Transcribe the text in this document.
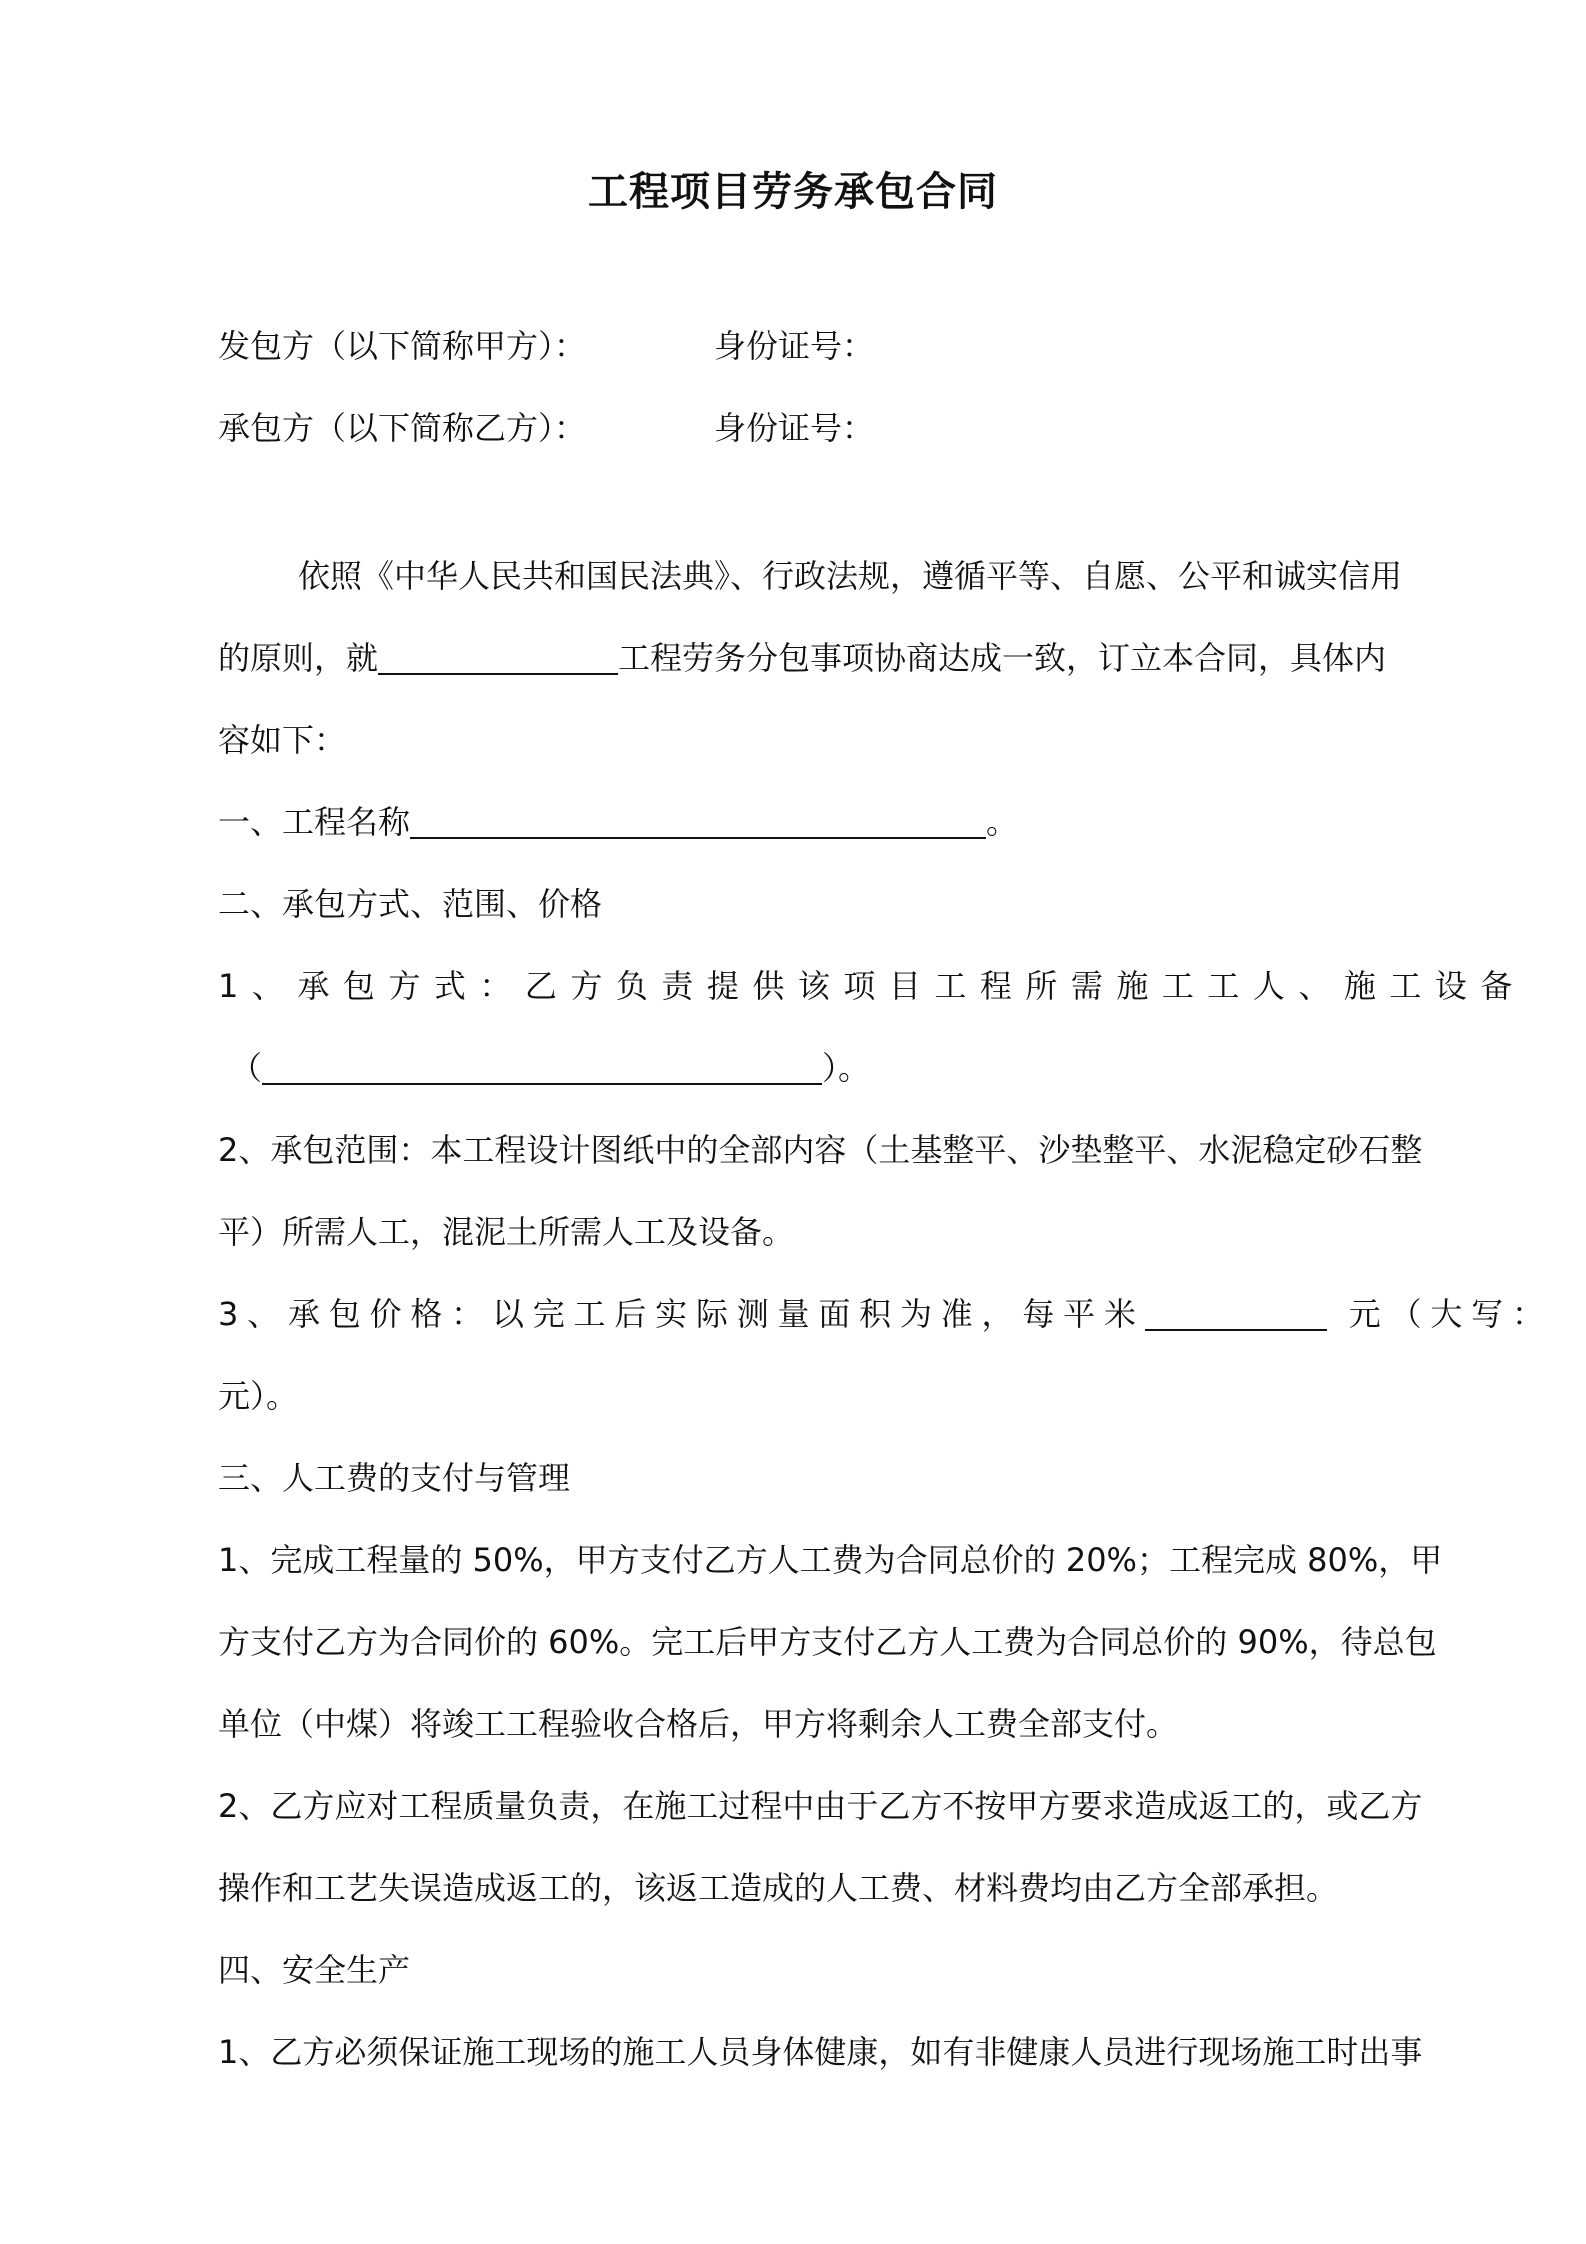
工程项目劳务承包合同
发包方（以下简称甲方）：	身份证号：
承包方（以下简称乙方）：	身份证号：
依照《中华人民共和国民法典》、行政法规，遵循平等、自愿、公平和诚实信用
的原则，就	工程劳务分包事项协商达成一致，订立本合同，具体内
容如下：
一、工程名称	。
二、承包方式、范围、价格
1、承包方式：乙方负责提供该项目工程所需施工工人、施工设备
（	）。
2、承包范围：本工程设计图纸中的全部内容（土基整平、沙垫整平、水泥稳定砂石整
平）所需人工，混泥土所需人工及设备。
3、承包价格：以完工后实际测量面积为准，每平米	元（大写：
元）。
三、人工费的支付与管理
1、完成工程量的 50%，甲方支付乙方人工费为合同总价的 20%；工程完成 80%，甲
方支付乙方为合同价的 60%。完工后甲方支付乙方人工费为合同总价的 90%，待总包
单位（中煤）将竣工工程验收合格后，甲方将剩余人工费全部支付。
2、乙方应对工程质量负责，在施工过程中由于乙方不按甲方要求造成返工的，或乙方
操作和工艺失误造成返工的，该返工造成的人工费、材料费均由乙方全部承担。
四、安全生产
1、乙方必须保证施工现场的施工人员身体健康，如有非健康人员进行现场施工时出事
